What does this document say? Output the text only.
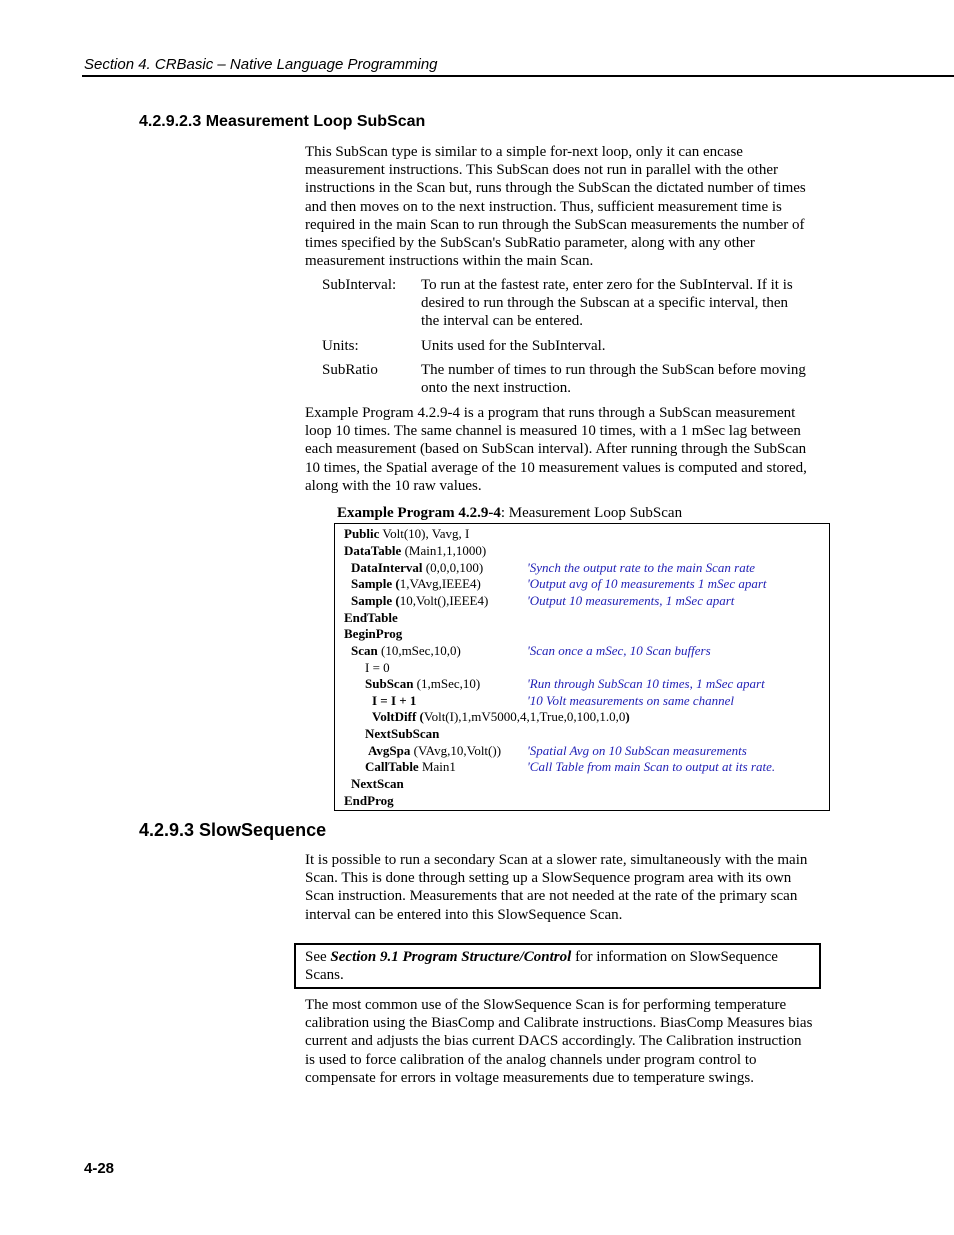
Section 4. CRBasic – Native Language Programming
4.2.9.2.3 Measurement Loop SubScan

This SubScan type is similar to a simple for-next loop, only it can encase measurement instructions. This SubScan does not run in parallel with the other instructions in the Scan but, runs through the SubScan the dictated number of times and then moves on to the next instruction. Thus, sufficient measurement time is required in the main Scan to run through the SubScan measurements the number of times specified by the SubScan's SubRatio parameter, along with any other measurement instructions within the main Scan.

SubInterval: To run at the fastest rate, enter zero for the SubInterval. If it is desired to run through the Subscan at a specific interval, then the interval can be entered.
Units:	Units used for the SubInterval.
SubRatio	The number of times to run through the SubScan before moving onto the next instruction.

Example Program 4.2.9-4 is a program that runs through a SubScan measurement loop 10 times. The same channel is measured 10 times, with a 1 mSec lag between each measurement (based on SubScan interval). After running through the SubScan 10 times, the Spatial average of the 10 measurement values is computed and stored, along with the 10 raw values.

Example Program 4.2.9-4: Measurement Loop SubScan
Public Volt(10), Vavg, I
DataTable (Main1,1,1000)
DataInterval (0,0,0,100)	'Synch the output rate to the main Scan rate
Sample (1,VAvg,IEEE4)	'Output avg of 10 measurements 1 mSec apart
Sample (10,Volt(),IEEE4)	'Output 10 measurements, 1 mSec apart
EndTable
BeginProg
Scan (10,mSec,10,0)	'Scan once a mSec, 10 Scan buffers
I = 0
SubScan (1,mSec,10)	'Run through SubScan 10 times, 1 mSec apart
I = I + 1	'10 Volt measurements on same channel
VoltDiff (Volt(I),1,mV5000,4,1,True,0,100,1.0,0)
NextSubScan
AvgSpa (VAvg,10,Volt()) 'Spatial Avg on 10 SubScan measurements
CallTable Main1	'Call Table from main Scan to output at its rate.
NextScan
EndProg
4.2.9.3 SlowSequence

It is possible to run a secondary Scan at a slower rate, simultaneously with the main Scan. This is done through setting up a SlowSequence program area with its own Scan instruction. Measurements that are not needed at the rate of the primary scan interval can be entered into this SlowSequence Scan.

See Section 9.1 Program Structure/Control for information on SlowSequence Scans.

The most common use of the SlowSequence Scan is for performing temperature calibration using the BiasComp and Calibrate instructions. BiasComp Measures bias current and adjusts the bias current DACS accordingly. The Calibration instruction is used to force calibration of the analog channels under program control to compensate for errors in voltage measurements due to temperature swings.

4-28
